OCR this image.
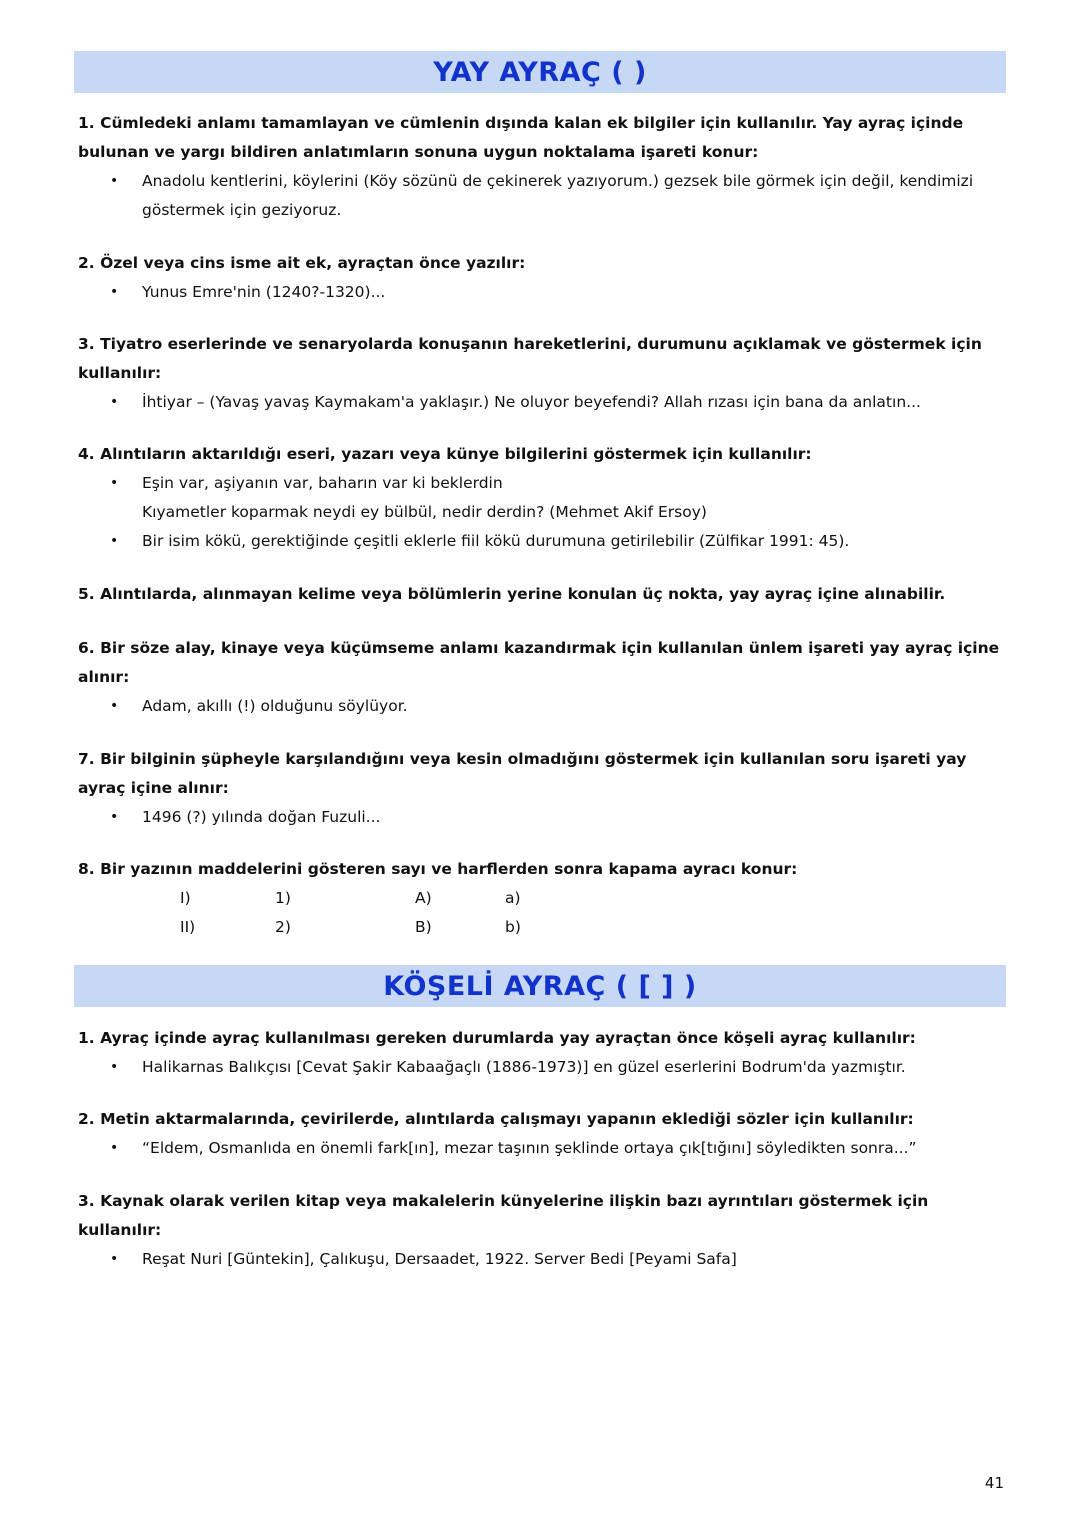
YAY AYRAÇ ( )

1. Cümledeki anlamı tamamlayan ve cümlenin dışında kalan ek bilgiler için kullanılır. Yay ayraç içinde bulunan ve yargı bildiren anlatımların sonuna uygun noktalama işareti konur:

• Anadolu kentlerini, köylerini (Köy sözünü de çekinerek yazıyorum.) gezsek bile görmek için değil, kendimizi göstermek için geziyoruz.

2. Özel veya cins isme ait ek, ayraçtan önce yazılır:

• Yunus Emre'nin (1240?-1320)...

3. Tiyatro eserlerinde ve senaryolarda konuşanın hareketlerini, durumunu açıklamak ve göstermek için kullanılır:

• İhtiyar – (Yavaş yavaş Kaymakam'a yaklaşır.) Ne oluyor beyefendi? Allah rızası için bana da anlatın...

4. Alıntıların aktarıldığı eseri, yazarı veya künye bilgilerini göstermek için kullanılır:

• Eşin var, aşiyanın var, baharın var ki beklerdin
Kıyametler koparmak neydi ey bülbül, nedir derdin? (Mehmet Akif Ersoy)
• Bir isim kökü, gerektiğinde çeşitli eklerle fiil kökü durumuna getirilebilir (Zülfikar 1991: 45).

5. Alıntılarda, alınmayan kelime veya bölümlerin yerine konulan üç nokta, yay ayraç içine alınabilir.

6. Bir söze alay, kinaye veya küçümseme anlamı kazandırmak için kullanılan ünlem işareti yay ayraç içine alınır:

• Adam, akıllı (!) olduğunu söylüyor.

7. Bir bilginin şüpheyle karşılandığını veya kesin olmadığını göstermek için kullanılan soru işareti yay ayraç içine alınır:

• 1496 (?) yılında doğan Fuzuli...

8. Bir yazının maddelerini gösteren sayı ve harflerden sonra kapama ayracı konur:

I)	1)	A)	a)
II)	2)	B)	b)
KÖŞELİ AYRAÇ ( [ ] )

1. Ayraç içinde ayraç kullanılması gereken durumlarda yay ayraçtan önce köşeli ayraç kullanılır:

• Halikarnas Balıkçısı [Cevat Şakir Kabaağaçlı (1886-1973)] en güzel eserlerini Bodrum'da yazmıştır.

2. Metin aktarmalarında, çevirilerde, alıntılarda çalışmayı yapanın eklediği sözler için kullanılır:

• “Eldem, Osmanlıda en önemli fark[ın], mezar taşının şeklinde ortaya çık[tığını] söyledikten sonra...”

3. Kaynak olarak verilen kitap veya makalelerin künyelerine ilişkin bazı ayrıntıları göstermek için kullanılır:

• Reşat Nuri [Güntekin], Çalıkuşu, Dersaadet, 1922. Server Bedi [Peyami Safa]
41
